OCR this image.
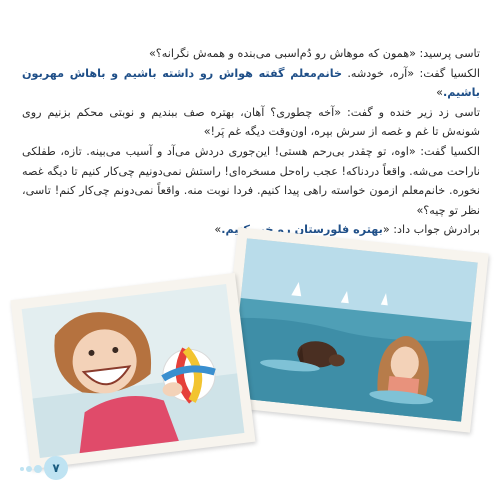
تاسی پرسید: «همون که موهاش رو دُم‌اسبی می‌بنده و همه‌ش نگرانه؟»

الکسیا گفت: «آره، خودشه. خانم‌معلم گفته هواش رو داشته باشیم و باهاش مهربون باشیم.»

تاسی زد زیر خنده و گفت: «آخه چطوری؟ آهان، بهتره صف ببندیم و نوبتی محکم بزنیم روی شونه‌ش تا غم و غصه از سرش بپره، اون‌وقت دیگه غم پَر!»

الکسیا گفت: «اوه، تو چقدر بی‌رحم هستی! این‌جوری دردش می‌آد و آسیب می‌بینه. تازه، طفلکی ناراحت می‌شه. واقعاً دردناکه! عجب راه‌حل مسخره‌ای! راستش نمی‌دونیم چی‌کار کنیم تا دیگه غصه نخوره. خانم‌معلم ازمون خواسته راهی پیدا کنیم. فردا نوبت منه. واقعاً نمی‌دونم چی‌کار کنم! تاسی، نظر تو چیه؟»

برادرش جواب داد: «بهتره فلورستان رو خبر کنیم.»

۷
